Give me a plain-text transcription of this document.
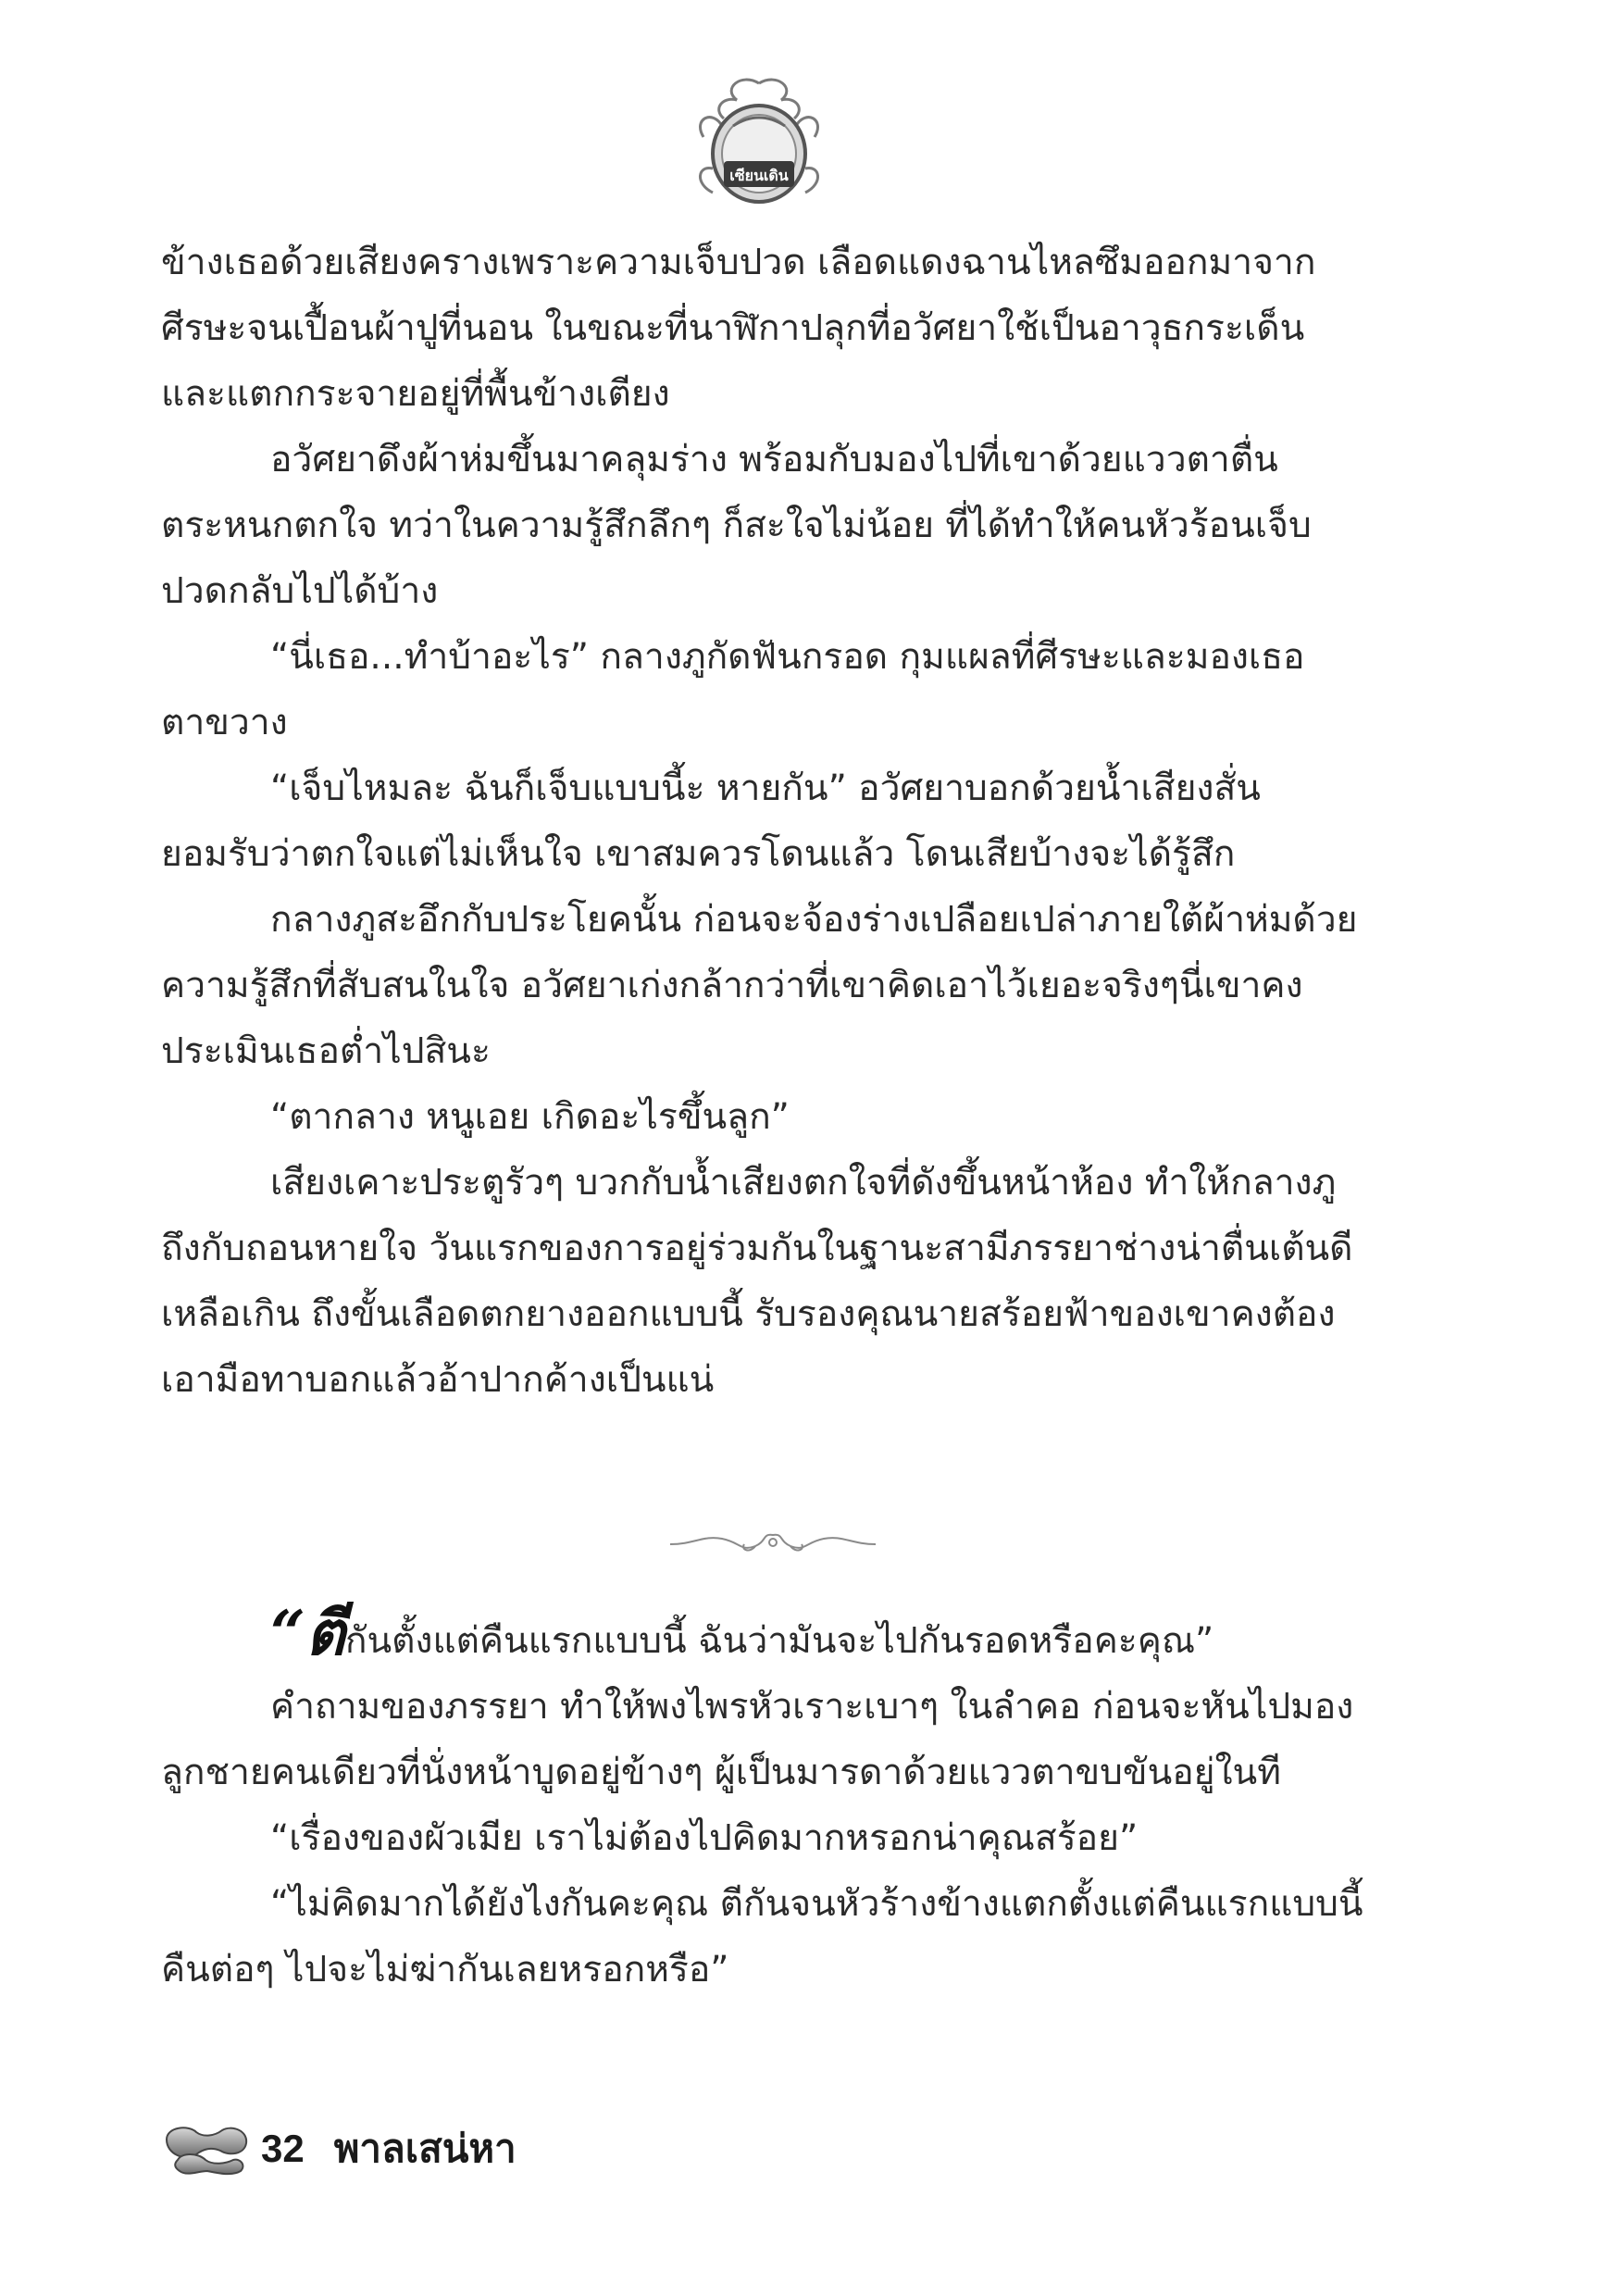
เซียนเดิน

ข้างเธอด้วยเสียงครางเพราะความเจ็บปวด เลือดแดงฉานไหลซึมออกมาจากศีรษะจนเปื้อนผ้าปูที่นอน ในขณะที่นาฬิกาปลุกที่อวัศยาใช้เป็นอาวุธกระเด็นและแตกกระจายอยู่ที่พื้นข้างเตียง

อวัศยาดึงผ้าห่มขึ้นมาคลุมร่าง พร้อมกับมองไปที่เขาด้วยแววตาตื่นตระหนกตกใจ ทว่าในความรู้สึกลึกๆ ก็สะใจไม่น้อย ที่ได้ทำให้คนหัวร้อนเจ็บปวดกลับไปได้บ้าง

“นี่เธอ...ทำบ้าอะไร” กลางภูกัดฟันกรอด กุมแผลที่ศีรษะและมองเธอตาขวาง

“เจ็บไหมละ ฉันก็เจ็บแบบนี้ะ หายกัน” อวัศยาบอกด้วยน้ำเสียงสั่นยอมรับว่าตกใจแต่ไม่เห็นใจ เขาสมควรโดนแล้ว โดนเสียบ้างจะได้รู้สึก

กลางภูสะอึกกับประโยคนั้น ก่อนจะจ้องร่างเปลือยเปล่าภายใต้ผ้าห่มด้วยความรู้สึกที่สับสนในใจ อวัศยาเก่งกล้ากว่าที่เขาคิดเอาไว้เยอะจริงๆนี่เขาคงประเมินเธอต่ำไปสินะ

“ตากลาง หนูเอย เกิดอะไรขึ้นลูก”

เสียงเคาะประตูรัวๆ บวกกับน้ำเสียงตกใจที่ดังขึ้นหน้าห้อง ทำให้กลางภูถึงกับถอนหายใจ วันแรกของการอยู่ร่วมกันในฐานะสามีภรรยาช่างน่าตื่นเต้นดีเหลือเกิน ถึงขั้นเลือดตกยางออกแบบนี้ รับรองคุณนายสร้อยฟ้าของเขาคงต้องเอามือทาบอกแล้วอ้าปากค้างเป็นแน่

“ตีกันตั้งแต่คืนแรกแบบนี้ ฉันว่ามันจะไปกันรอดหรือคะคุณ”

คำถามของภรรยา ทำให้พงไพรหัวเราะเบาๆ ในลำคอ ก่อนจะหันไปมองลูกชายคนเดียวที่นั่งหน้าบูดอยู่ข้างๆ ผู้เป็นมารดาด้วยแววตาขบขันอยู่ในที

“เรื่องของผัวเมีย เราไม่ต้องไปคิดมากหรอกน่าคุณสร้อย”

“ไม่คิดมากได้ยังไงกันคะคุณ ตีกันจนหัวร้างข้างแตกตั้งแต่คืนแรกแบบนี้คืนต่อๆ ไปจะไม่ฆ่ากันเลยหรอกหรือ”

32 พาลเสน่หา
